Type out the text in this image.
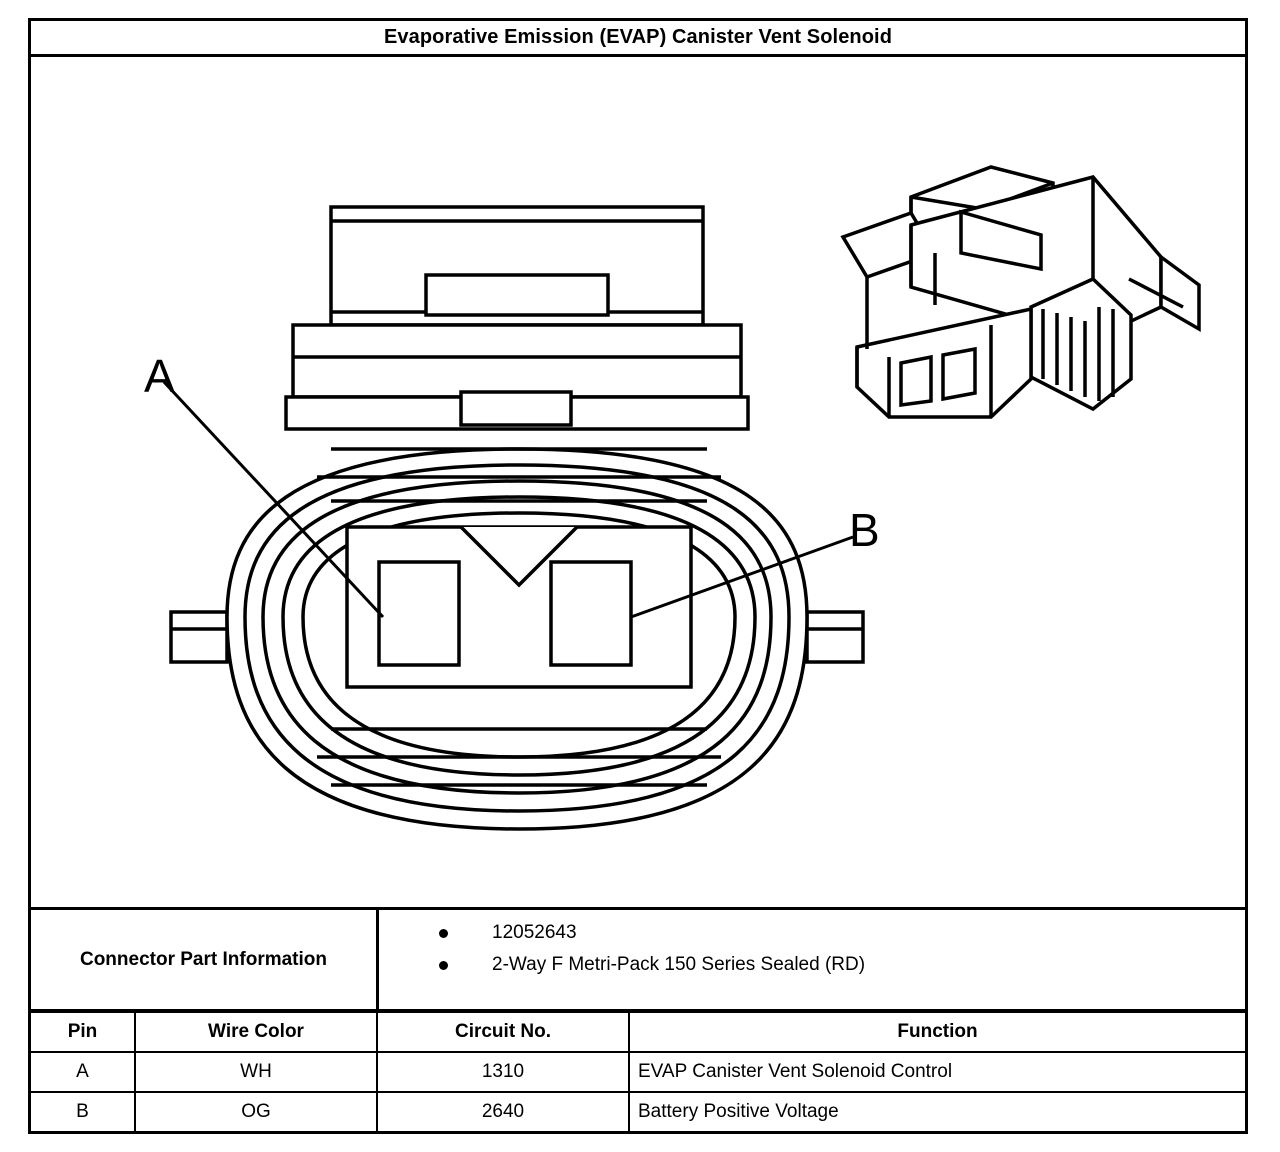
Evaporative Emission (EVAP) Canister Vent Solenoid
A
B
Connector Part Information
12052643
2-Way F Metri-Pack 150 Series Sealed (RD)
Pin	Wire Color	Circuit No.	Function
A	WH	1310	EVAP Canister Vent Solenoid Control
B	OG	2640	Battery Positive Voltage
